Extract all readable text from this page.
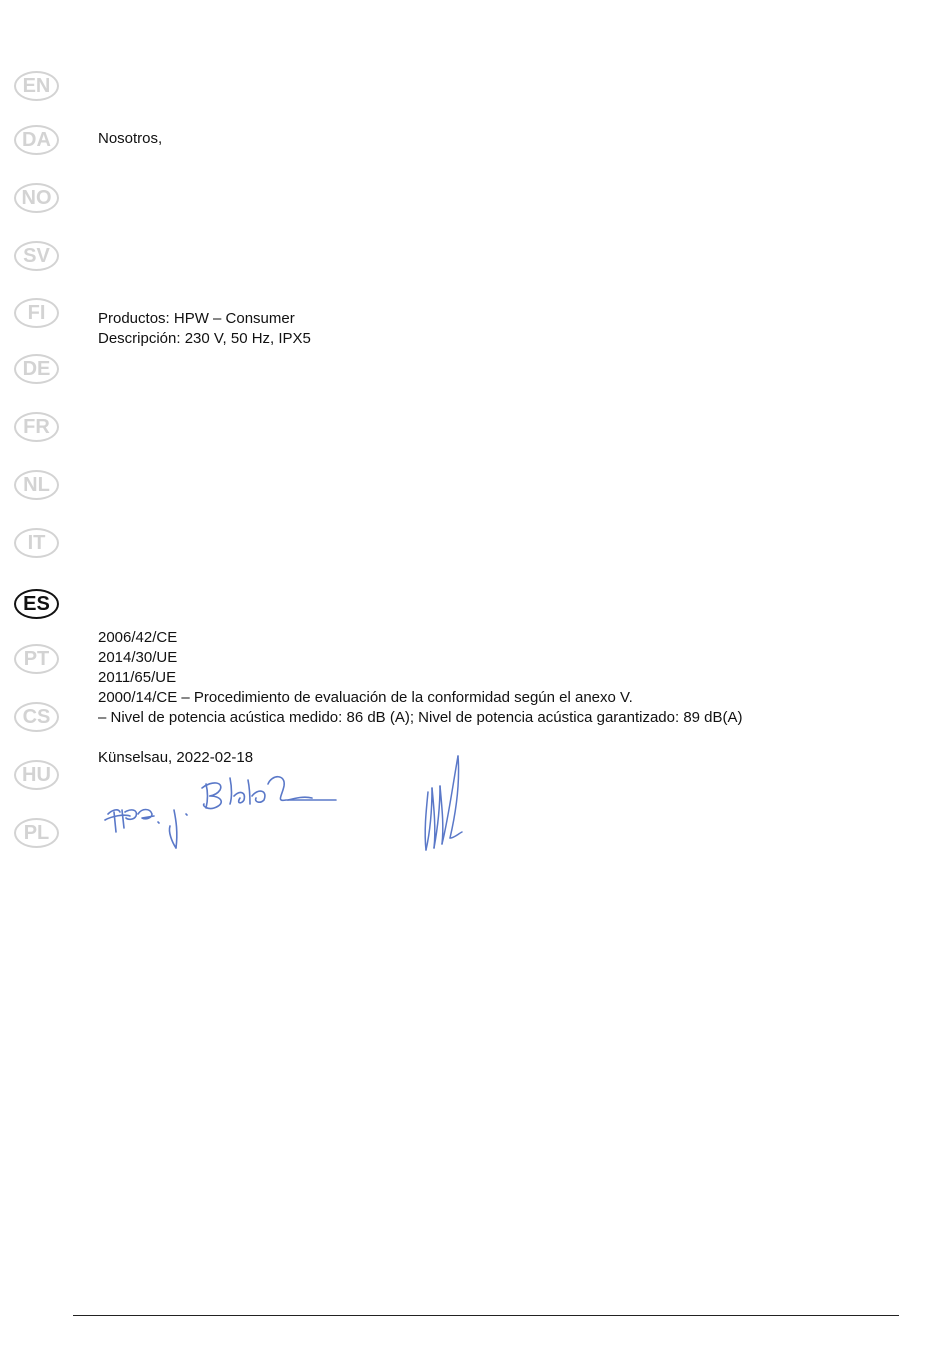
EN
DA
NO
SV
FI
DE
FR
NL
IT
ES
PT
CS
HU
PL
Nosotros,
Productos: HPW – Consumer
Descripción: 230 V, 50 Hz, IPX5
2006/42/CE
2014/30/UE
2011/65/UE
2000/14/CE – Procedimiento de evaluación de la conformidad según el anexo V.
– Nivel de potencia acústica medido: 86 dB (A); Nivel de potencia acústica garantizado: 89 dB(A)
Künselsau, 2022-02-18
